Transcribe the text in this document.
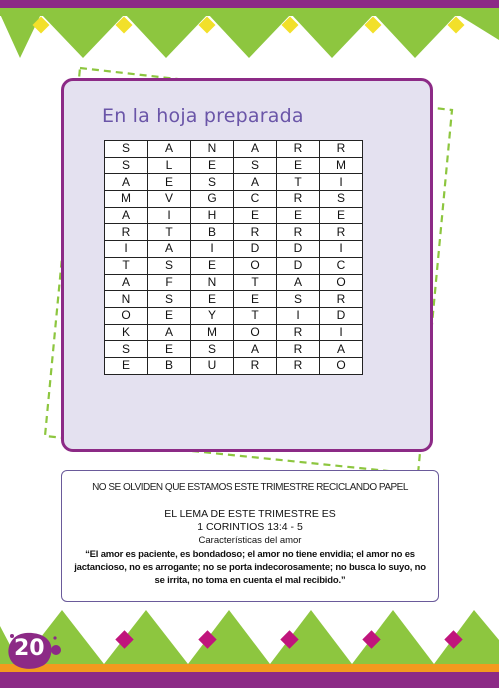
En la hoja preparada
S	A	N	A	R	R
S	L	E	S	E	M
A	E	S	A	T	I
M	V	G	C	R	S
A	I	H	E	E	E
R	T	B	R	R	R
I	A	I	D	D	I
T	S	E	O	D	C
A	F	N	T	A	O
N	S	E	E	S	R
O	E	Y	T	I	D
K	A	M	O	R	I
S	E	S	A	R	A
E	B	U	R	R	O
NO SE OLVIDEN QUE ESTAMOS ESTE TRIMESTRE RECICLANDO PAPEL
EL LEMA DE ESTE TRIMESTRE ES
1 CORINTIOS 13:4 - 5
Características del amor
“El amor es paciente, es bondadoso; el amor no tiene envidia; el amor no es jactancioso, no es arrogante; no se porta indecorosamente; no busca lo suyo, no se irrita, no toma en cuenta el mal recibido.”
20
